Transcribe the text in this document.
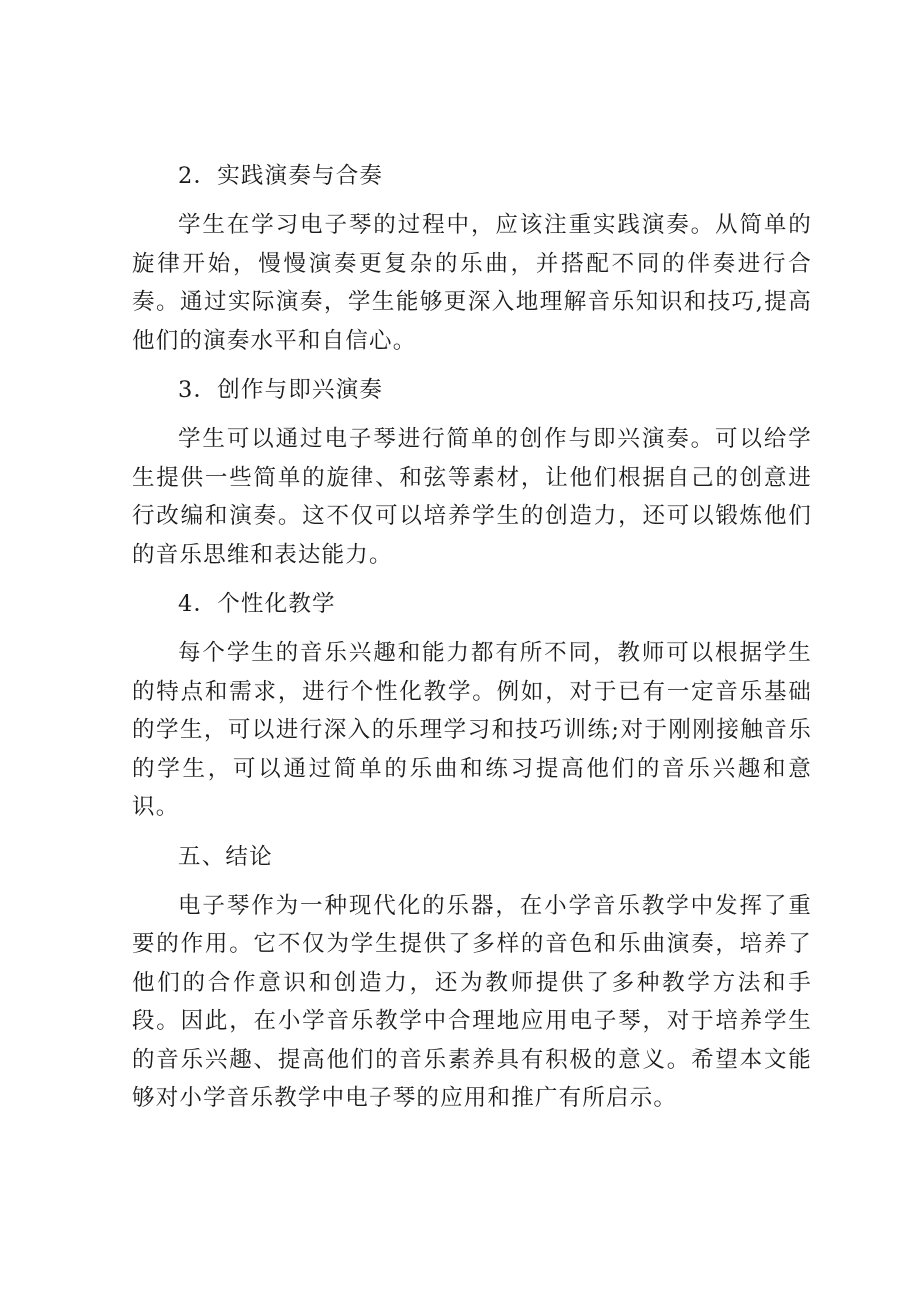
2．实践演奏与合奏

学生在学习电子琴的过程中，应该注重实践演奏。从简单的旋律开始，慢慢演奏更复杂的乐曲，并搭配不同的伴奏进行合奏。通过实际演奏，学生能够更深入地理解音乐知识和技巧,提高他们的演奏水平和自信心。

3．创作与即兴演奏

学生可以通过电子琴进行简单的创作与即兴演奏。可以给学生提供一些简单的旋律、和弦等素材，让他们根据自己的创意进行改编和演奏。这不仅可以培养学生的创造力，还可以锻炼他们的音乐思维和表达能力。

4．个性化教学

每个学生的音乐兴趣和能力都有所不同，教师可以根据学生的特点和需求，进行个性化教学。例如，对于已有一定音乐基础的学生，可以进行深入的乐理学习和技巧训练;对于刚刚接触音乐的学生，可以通过简单的乐曲和练习提高他们的音乐兴趣和意识。

五、结论

电子琴作为一种现代化的乐器，在小学音乐教学中发挥了重要的作用。它不仅为学生提供了多样的音色和乐曲演奏，培养了他们的合作意识和创造力，还为教师提供了多种教学方法和手段。因此，在小学音乐教学中合理地应用电子琴，对于培养学生的音乐兴趣、提高他们的音乐素养具有积极的意义。希望本文能够对小学音乐教学中电子琴的应用和推广有所启示。
